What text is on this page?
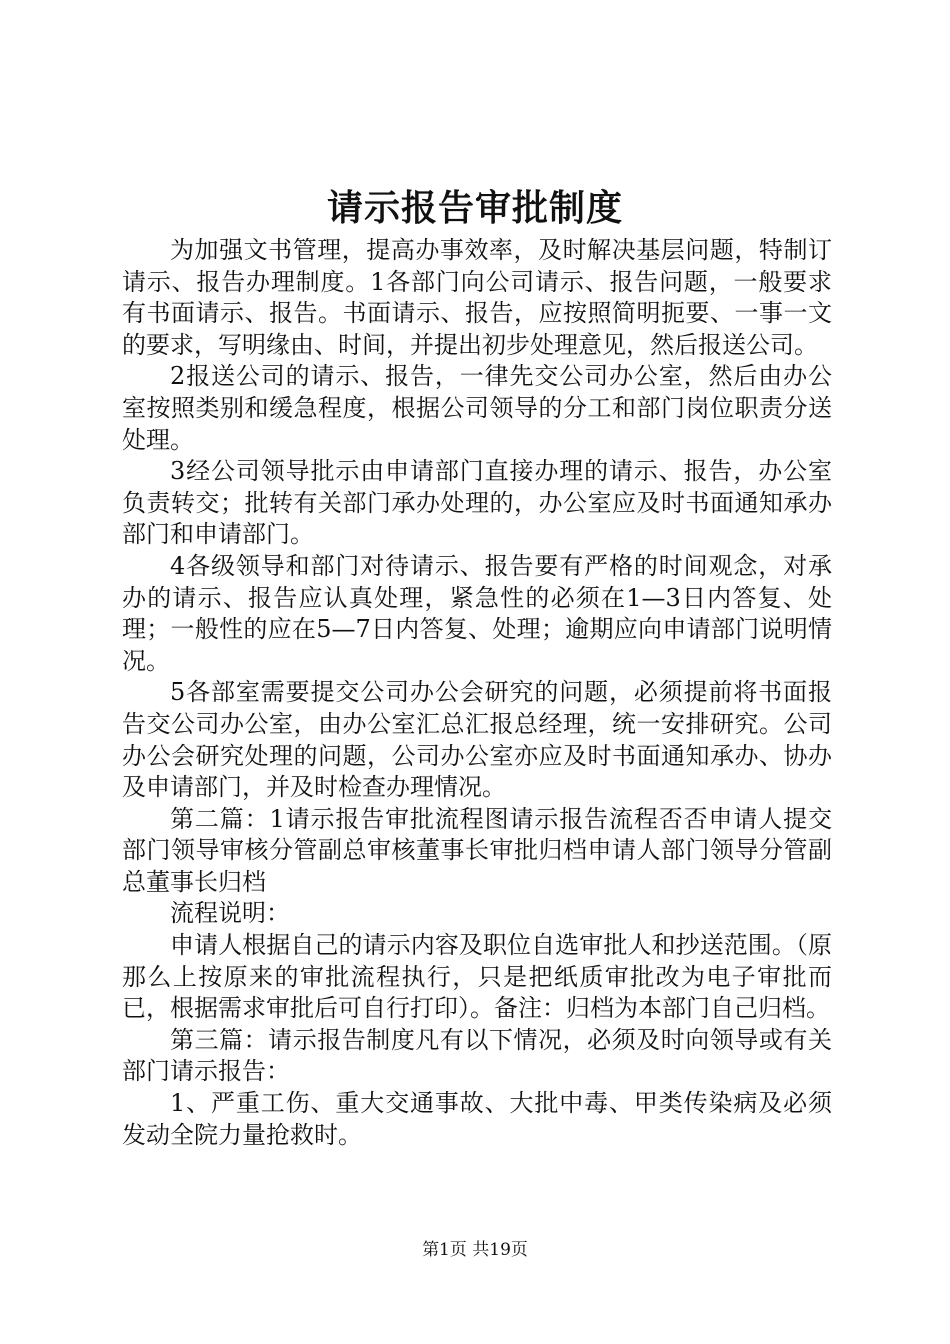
请示报告审批制度

为加强文书管理，提高办事效率，及时解决基层问题，特制订请示、报告办理制度。1各部门向公司请示、报告问题，一般要求有书面请示、报告。书面请示、报告，应按照简明扼要、一事一文的要求，写明缘由、时间，并提出初步处理意见，然后报送公司。

2报送公司的请示、报告，一律先交公司办公室，然后由办公室按照类别和缓急程度，根据公司领导的分工和部门岗位职责分送处理。

3经公司领导批示由申请部门直接办理的请示、报告，办公室负责转交；批转有关部门承办处理的，办公室应及时书面通知承办部门和申请部门。

4各级领导和部门对待请示、报告要有严格的时间观念，对承办的请示、报告应认真处理，紧急性的必须在1—3日内答复、处理；一般性的应在5—7日内答复、处理；逾期应向申请部门说明情况。

5各部室需要提交公司办公会研究的问题，必须提前将书面报告交公司办公室，由办公室汇总汇报总经理，统一安排研究。公司办公会研究处理的问题，公司办公室亦应及时书面通知承办、协办及申请部门，并及时检查办理情况。

第二篇：1请示报告审批流程图请示报告流程否否申请人提交部门领导审核分管副总审核董事长审批归档申请人部门领导分管副总董事长归档

流程说明：

申请人根据自己的请示内容及职位自选审批人和抄送范围。（原那么上按原来的审批流程执行，只是把纸质审批改为电子审批而已，根据需求审批后可自行打印）。备注：归档为本部门自己归档。

第三篇：请示报告制度凡有以下情况，必须及时向领导或有关部门请示报告：

1、严重工伤、重大交通事故、大批中毒、甲类传染病及必须发动全院力量抢救时。

第1页 共19页
